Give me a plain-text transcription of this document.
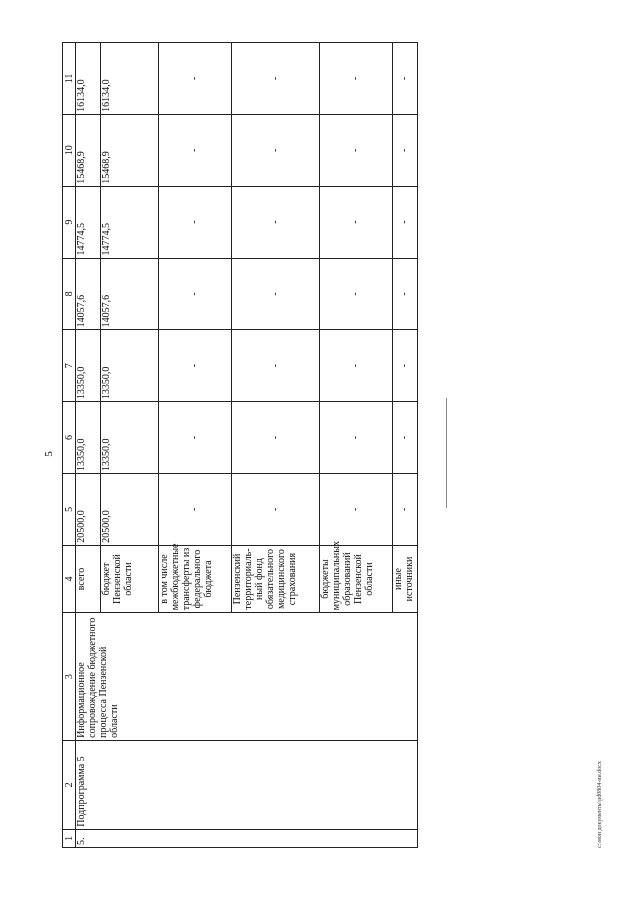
5
1	2	3	4	5	6	7	8	9	10	11
5.	Подпрограмма 5	Информационное сопровождение бюджетного процесса Пензенской области	всего	20500,0	13350,0	13350,0	14057,6	14774,5	15468,9	16134,0
			бюджет Пензенской области	20500,0	13350,0	13350,0	14057,6	14774,5	15468,9	16134,0
			в том числе межбюджетные трансферты из федерального бюджета	-	-	-	-	-	-	-
			Пензенский территориаль-ный фонд обязательного медицинского страхования	-	-	-	-	-	-	-
			бюджеты муниципальных образований Пензенской области	-	-	-	-	-	-	-
			иные источники	-	-	-	-	-	-	-
c:\мои документы\pd0804-ии.docx
